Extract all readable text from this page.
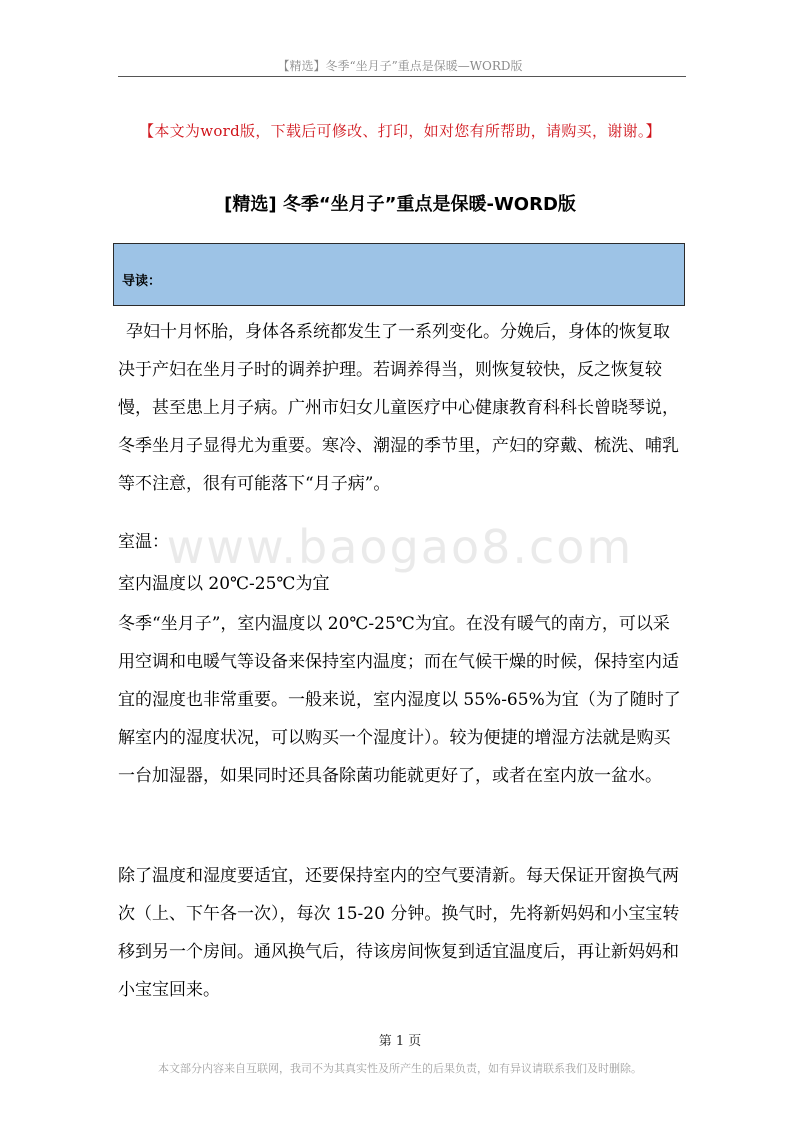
【精选】冬季“坐月子”重点是保暖—WORD版
【本文为word版，下载后可修改、打印，如对您有所帮助，请购买，谢谢。】
[精选] 冬季“坐月子”重点是保暖-WORD版
导读：
www.baogao8.com
孕妇十月怀胎，身体各系统都发生了一系列变化。分娩后，身体的恢复取决于产妇在坐月子时的调养护理。若调养得当，则恢复较快，反之恢复较慢，甚至患上月子病。广州市妇女儿童医疗中心健康教育科科长曾晓琴说，冬季坐月子显得尤为重要。寒冷、潮湿的季节里，产妇的穿戴、梳洗、哺乳等不注意，很有可能落下“月子病”。
室温：
室内温度以 20℃-25℃为宜
冬季“坐月子”，室内温度以 20℃-25℃为宜。在没有暖气的南方，可以采用空调和电暖气等设备来保持室内温度；而在气候干燥的时候，保持室内适宜的湿度也非常重要。一般来说，室内湿度以 55%-65%为宜（为了随时了解室内的湿度状况，可以购买一个湿度计）。较为便捷的增湿方法就是购买一台加湿器，如果同时还具备除菌功能就更好了，或者在室内放一盆水。
除了温度和湿度要适宜，还要保持室内的空气要清新。每天保证开窗换气两次（上、下午各一次），每次 15-20 分钟。换气时，先将新妈妈和小宝宝转移到另一个房间。通风换气后，待该房间恢复到适宜温度后，再让新妈妈和小宝宝回来。
第 1 页
本文部分内容来自互联网，我司不为其真实性及所产生的后果负责，如有异议请联系我们及时删除。
